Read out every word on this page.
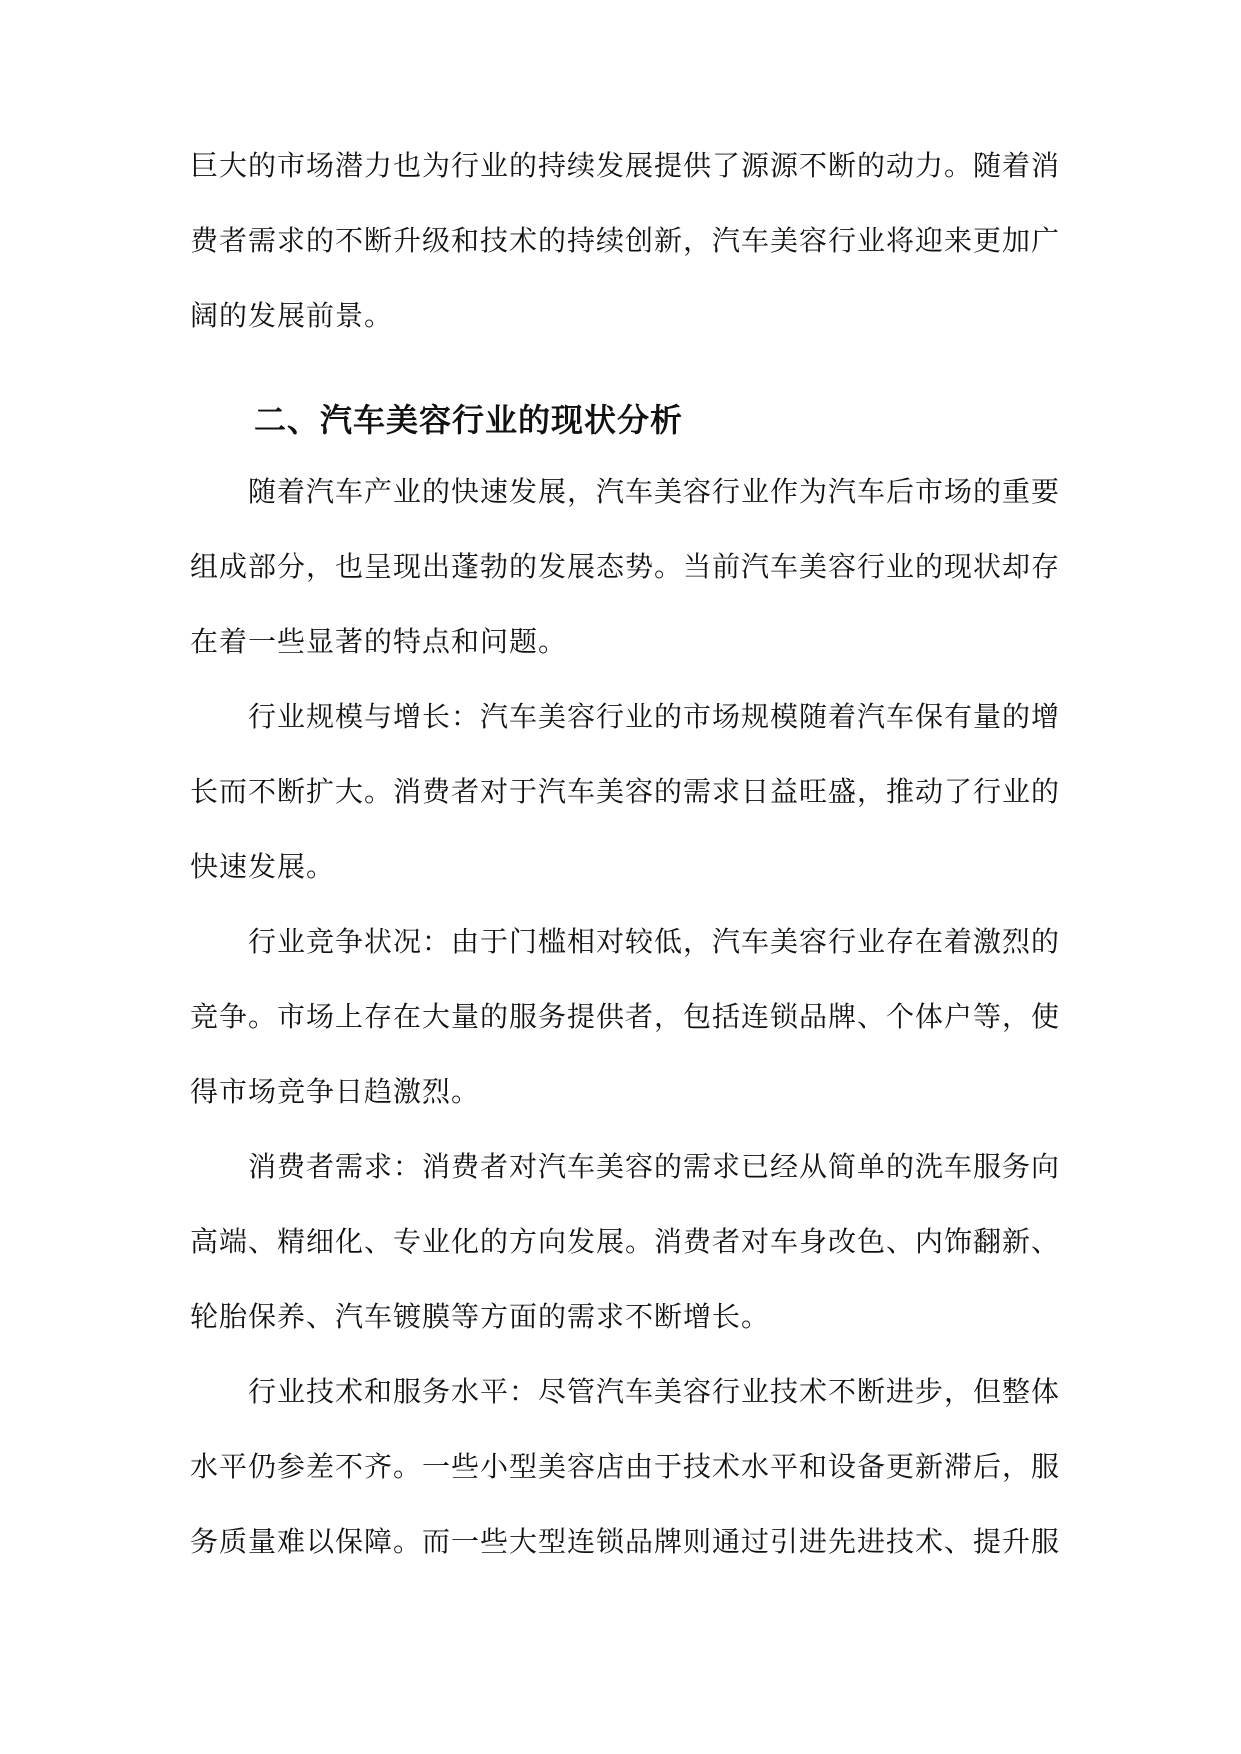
巨大的市场潜力也为行业的持续发展提供了源源不断的动力。随着消

费者需求的不断升级和技术的持续创新，汽车美容行业将迎来更加广

阔的发展前景。

二、汽车美容行业的现状分析

随着汽车产业的快速发展，汽车美容行业作为汽车后市场的重要

组成部分，也呈现出蓬勃的发展态势。当前汽车美容行业的现状却存

在着一些显著的特点和问题。

行业规模与增长：汽车美容行业的市场规模随着汽车保有量的增

长而不断扩大。消费者对于汽车美容的需求日益旺盛，推动了行业的

快速发展。

行业竞争状况：由于门槛相对较低，汽车美容行业存在着激烈的

竞争。市场上存在大量的服务提供者，包括连锁品牌、个体户等，使

得市场竞争日趋激烈。

消费者需求：消费者对汽车美容的需求已经从简单的洗车服务向

高端、精细化、专业化的方向发展。消费者对车身改色、内饰翻新、

轮胎保养、汽车镀膜等方面的需求不断增长。

行业技术和服务水平：尽管汽车美容行业技术不断进步，但整体

水平仍参差不齐。一些小型美容店由于技术水平和设备更新滞后，服

务质量难以保障。而一些大型连锁品牌则通过引进先进技术、提升服
